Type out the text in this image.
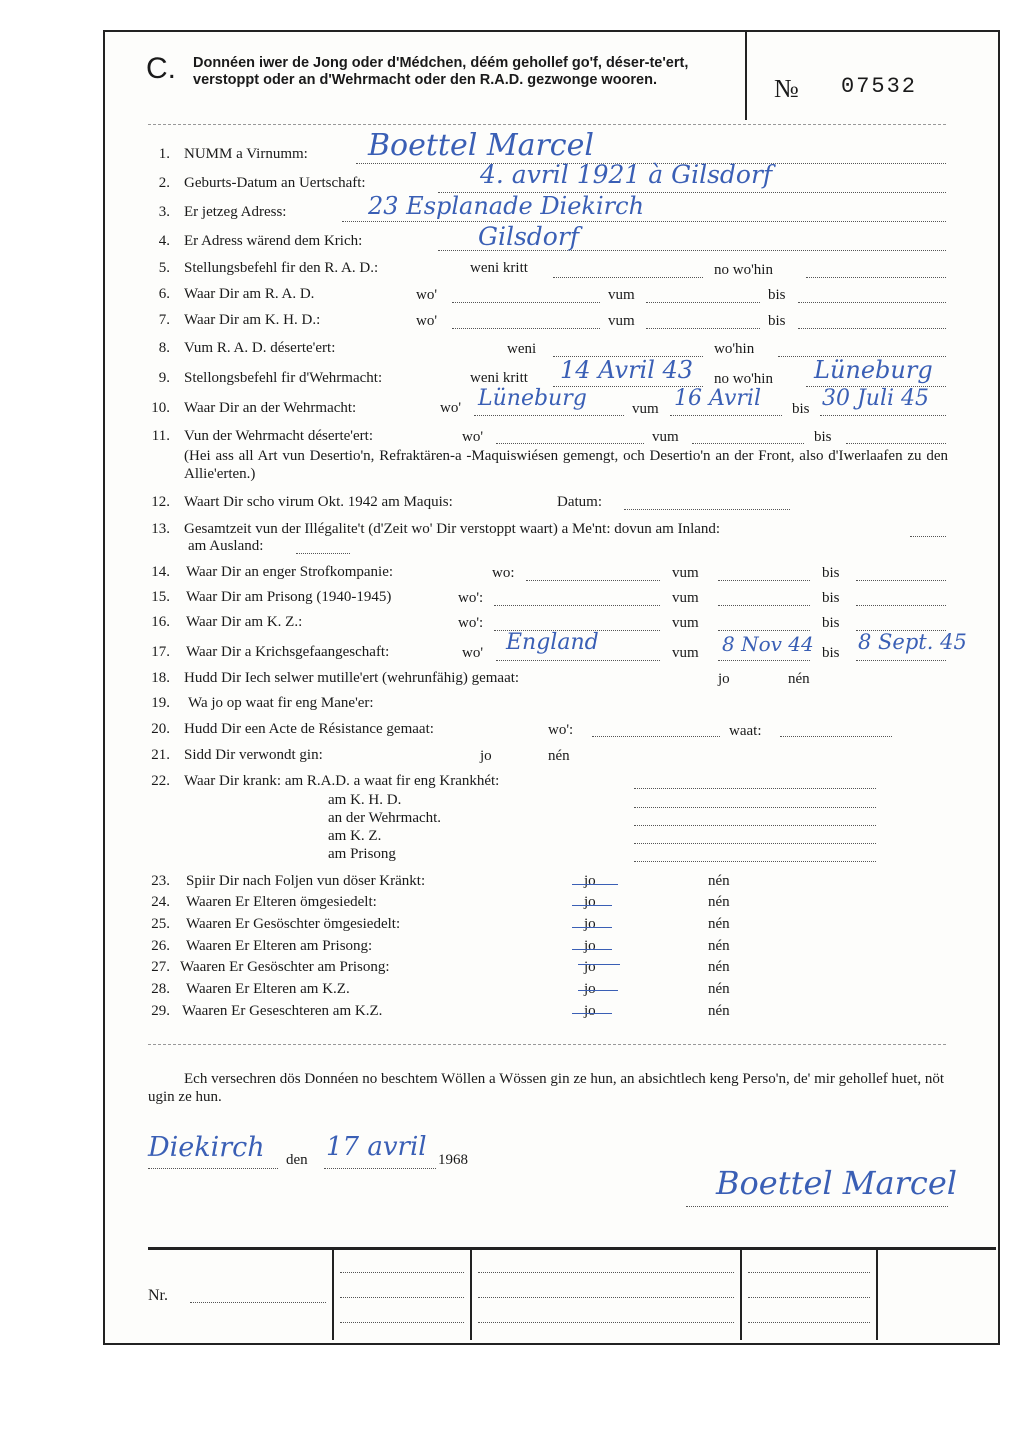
C. Donnéen iwer de Jong oder d'Médchen, déém gehollef go'f, déser-te'ert, verstoppt oder an d'Wehrmacht oder den R.A.D. gezwonge wooren.	№ 07532
1. NUMM a Virnumm: Boettel Marcel
2. Geburts-Datum an Uertschaft:	4. avril 1921 à Gilsdorf
3. Er jetzeg Adress:	23 Esplanade Diekirch
4. Er Adress wärend dem Krich:	Gilsdorf
5. Stellungsbefehl fir den R. A. D.:	weni kritt	no wo'hin
6. Waar Dir am R. A. D.	wo'	vum	bis
7. Waar Dir am K. H. D.:	wo'	vum	bis
8. Vum R. A. D. déserte'ert:	weni	wo'hin
9. Stellongsbefehl fir d'Wehrmacht:	weni kritt 14 Avril 43 no wo'hin Lüneburg
10. Waar Dir an der Wehrmacht:	wo' Lüneburg	vum 16 Avril bis 30 Juli 45
11. Vun der Wehrmacht déserte'ert:	wo'	vum	bis
(Hei ass all Art vun Desertio'n, Refraktären-a -Maquiswiésen gemengt, och Desertio'n an der Front, also d'Iwerlaafen zu den Allie'erten.)
12. Waart Dir scho virum Okt. 1942 am Maquis:	Datum:
13. Gesamtzeit vun der Illégalite't (d'Zeit wo' Dir verstoppt waart) a Me'nt: dovun am Inland:
am Ausland:
14. Waar Dir an enger Strofkompanie:	wo:	vum	bis
15. Waar Dir am Prisong (1940-1945)	wo':	vum	bis
16. Waar Dir am K. Z.:	wo':	vum	bis
17. Waar Dir a Krichsgefaangeschaft:	wo' England	vum 8 Nov 44 bis 8 Sept. 45
18. Hudd Dir Iech selwer mutille'ert (wehrunfähig) gemaat:	jo	nén
19. Wa jo op waat fir eng Mane'er:
20. Hudd Dir een Acte de Résistance gemaat:	wo':	waat:
21. Sidd Dir verwondt gin:	jo	nén
22. Waar Dir krank: am R.A.D. a waat fir eng Krankhét:
am K. H. D.
an der Wehrmacht.
am K. Z.
am Prisong
23. Spiir Dir nach Foljen vun döser Kränkt:	jo	nén
24. Waaren Er Elteren ömgesiedelt:	jo	nén
25. Waaren Er Gesöschter ömgesiedelt:	jo	nén
26. Waaren Er Elteren am Prisong:	jo	nén
27. Waaren Er Gesöschter am Prisong:	jo	nén
28. Waaren Er Elteren am K.Z.	jo	nén
29. Waaren Er Geseschteren am K.Z.	jo	nén
Ech versechren dös Donnéen no beschtem Wöllen a Wössen gin ze hun, an absichtlech keng Perso'n, de' mir gehollef huet, nöt ugin ze hun.
Diekirch den 17 avril 1968
Boettel Marcel
Nr.
